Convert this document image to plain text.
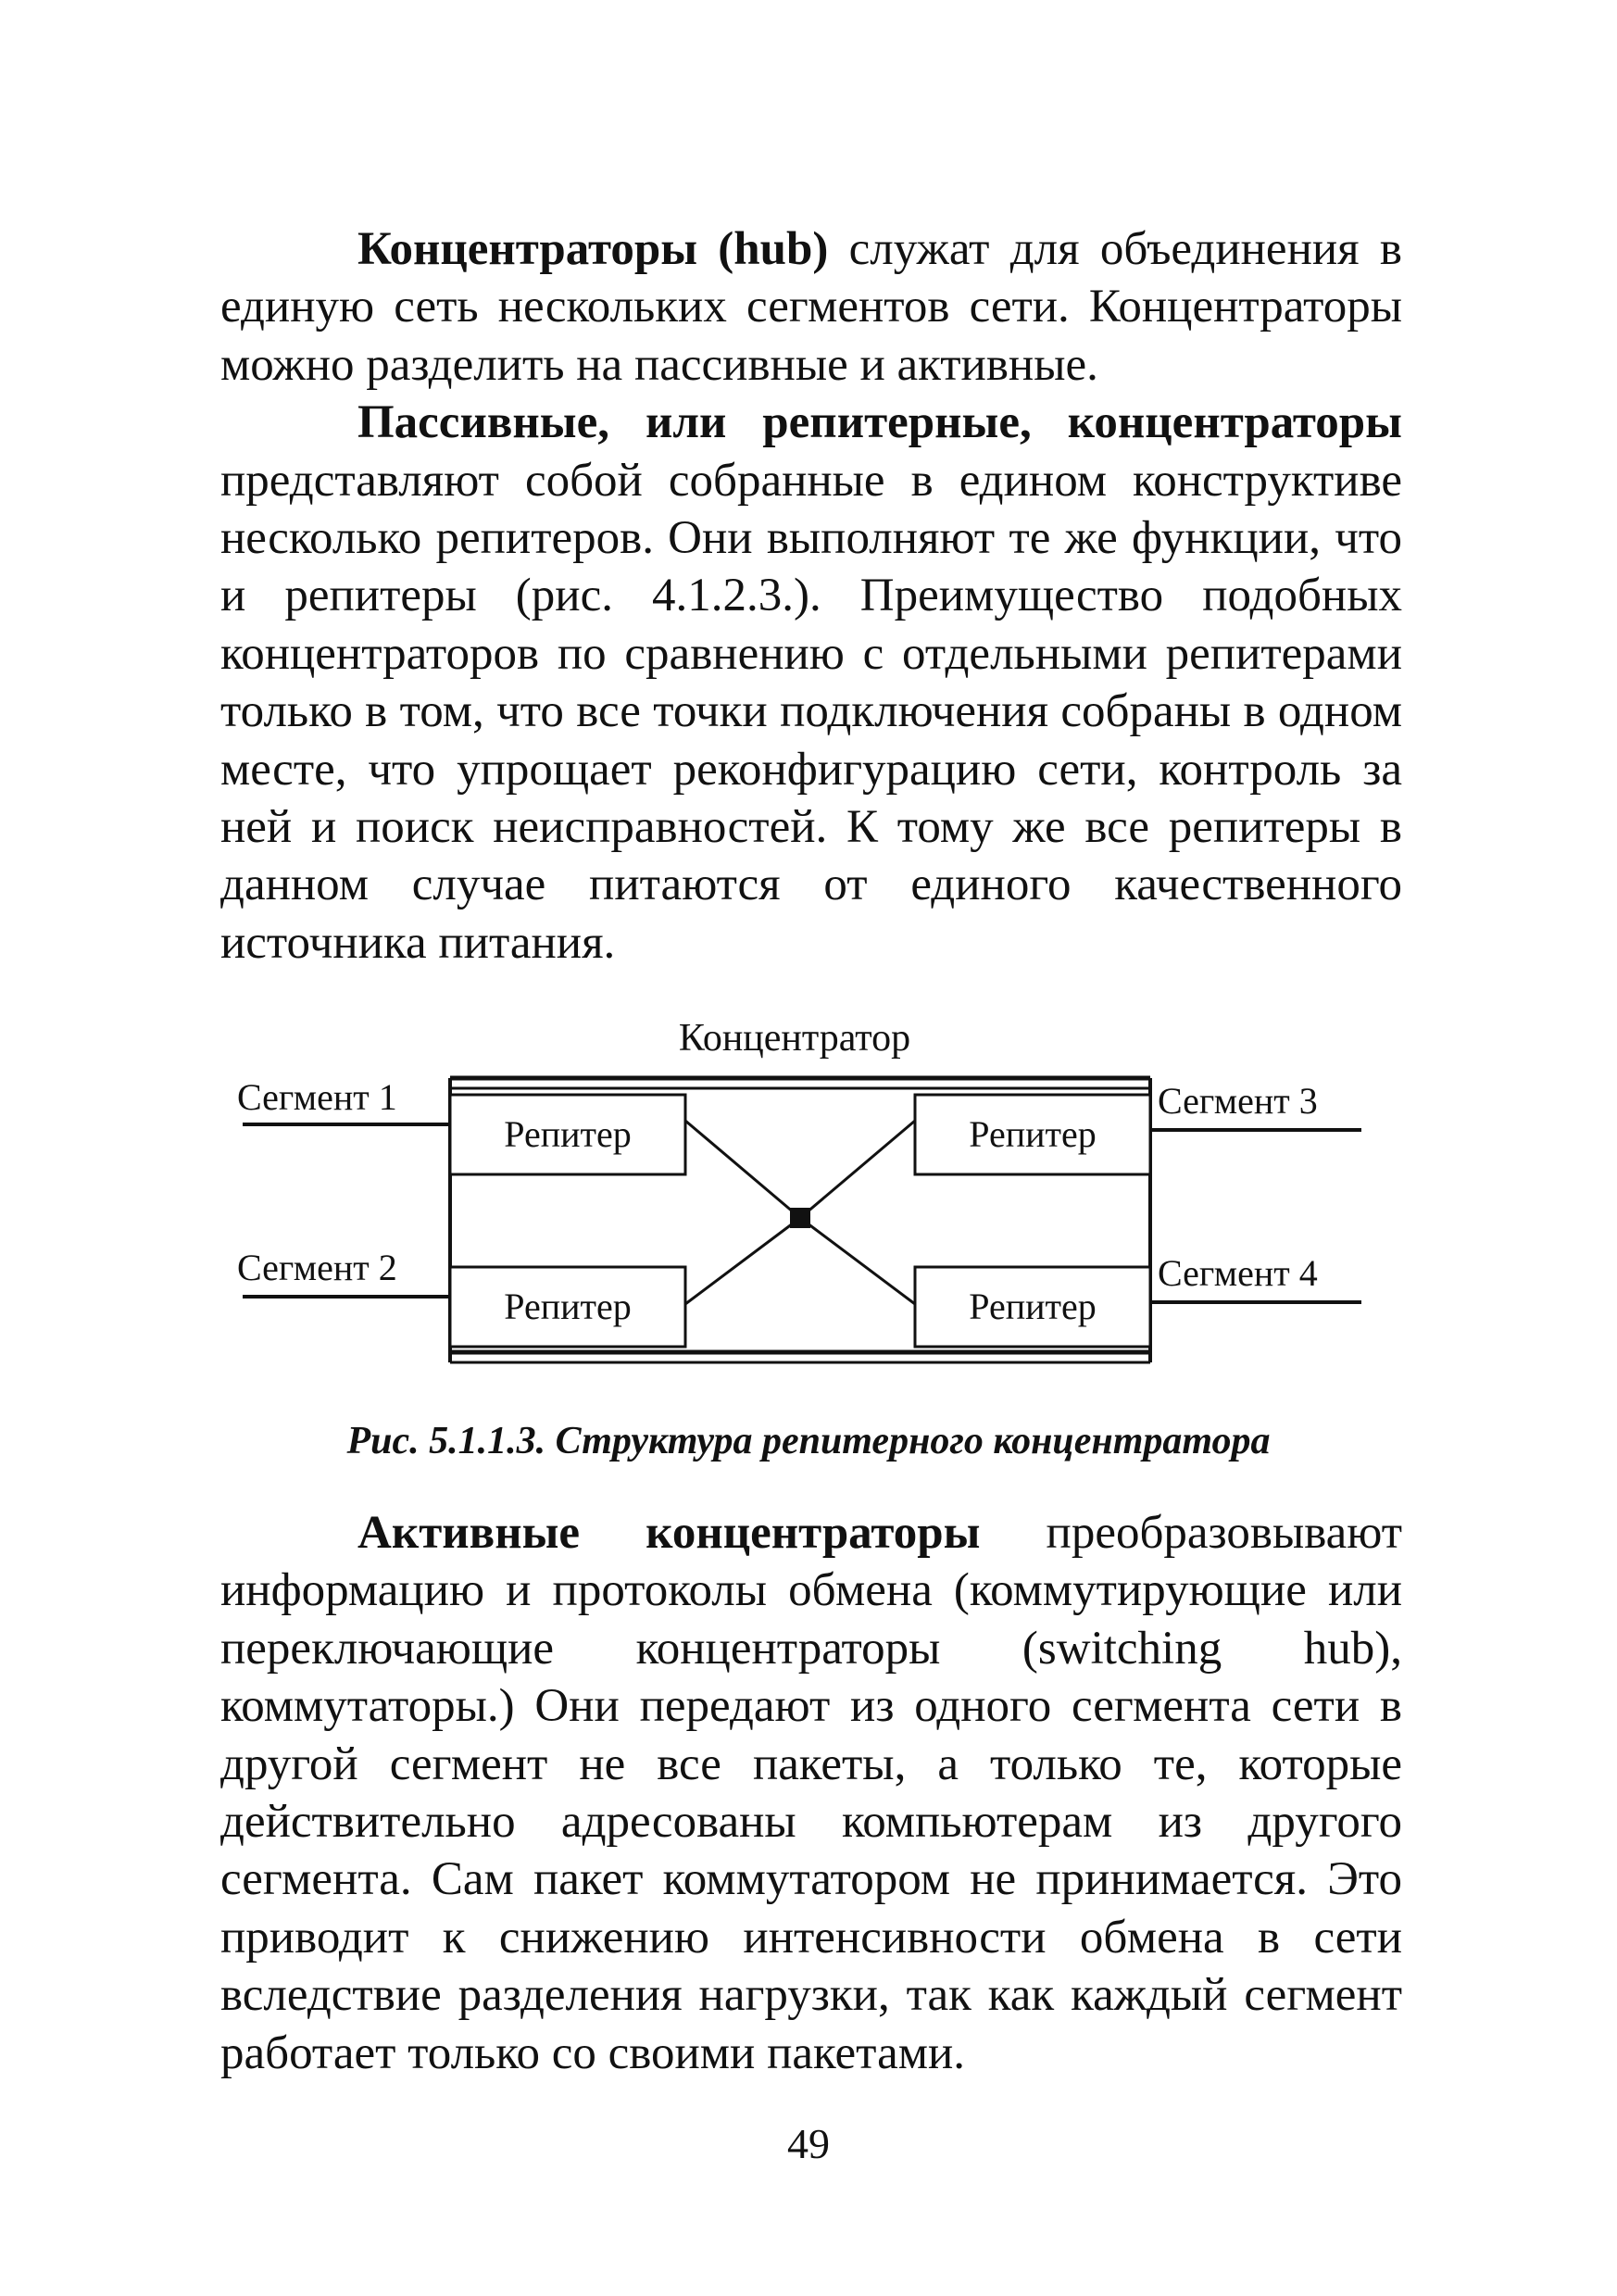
Концентраторы (hub) служат для объединения в единую сеть нескольких сегментов сети. Концентраторы можно разделить на пассивные и активные.

Пассивные, или репитерные, концентраторы представляют собой собранные в едином конструктиве несколько репитеров. Они выполняют те же функции, что и репитеры (рис. 4.1.2.3.). Преимущество подобных концентраторов по сравнению с отдельными репитерами только в том, что все точки подключения собраны в одном месте, что упрощает реконфигурацию сети, контроль за ней и поиск неисправностей. К тому же все репитеры в данном случае питаются от единого качественного источника питания.

Концентратор
Репитер
Репитер
Репитер
Репитер
Сегмент 1
Сегмент 2
Сегмент 3
Сегмент 4
Рис. 5.1.1.3. Структура репитерного концентратора

Активные концентраторы преобразовывают информацию и протоколы обмена (коммутирующие или переключающие концентраторы (switching hub), коммутаторы.) Они передают из одного сегмента сети в другой сегмент не все пакеты, а только те, которые действительно адресованы компьютерам из другого сегмента. Сам пакет коммутатором не принимается. Это приводит к снижению интенсивности обмена в сети вследствие разделения нагрузки, так как каждый сегмент работает только со своими пакетами.

49
